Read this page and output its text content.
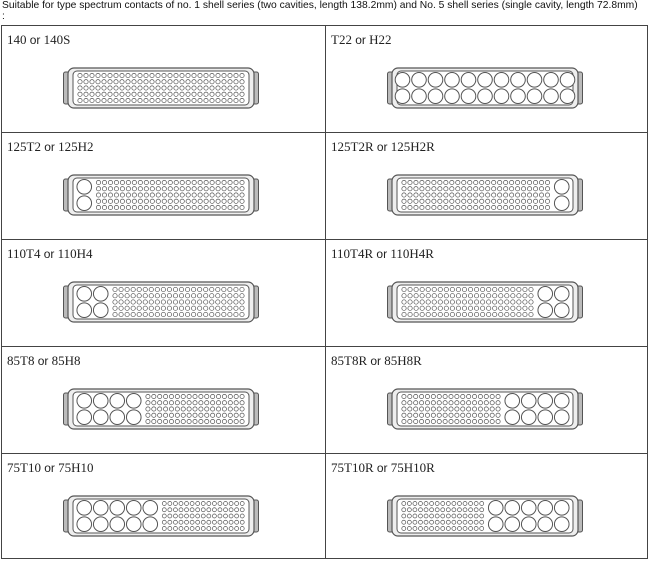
Suitable for type spectrum contacts of no. 1 shell series (two cavities, length 138.2mm) and No. 5 shell series (single cavity, length 72.8mm) :
140 or 140S	T22 or H22
125T2 or 125H2	125T2R or 125H2R
110T4 or 110H4	110T4R or 110H4R
85T8 or 85H8	85T8R or 85H8R
75T10 or 75H10	75T10R or 75H10R
